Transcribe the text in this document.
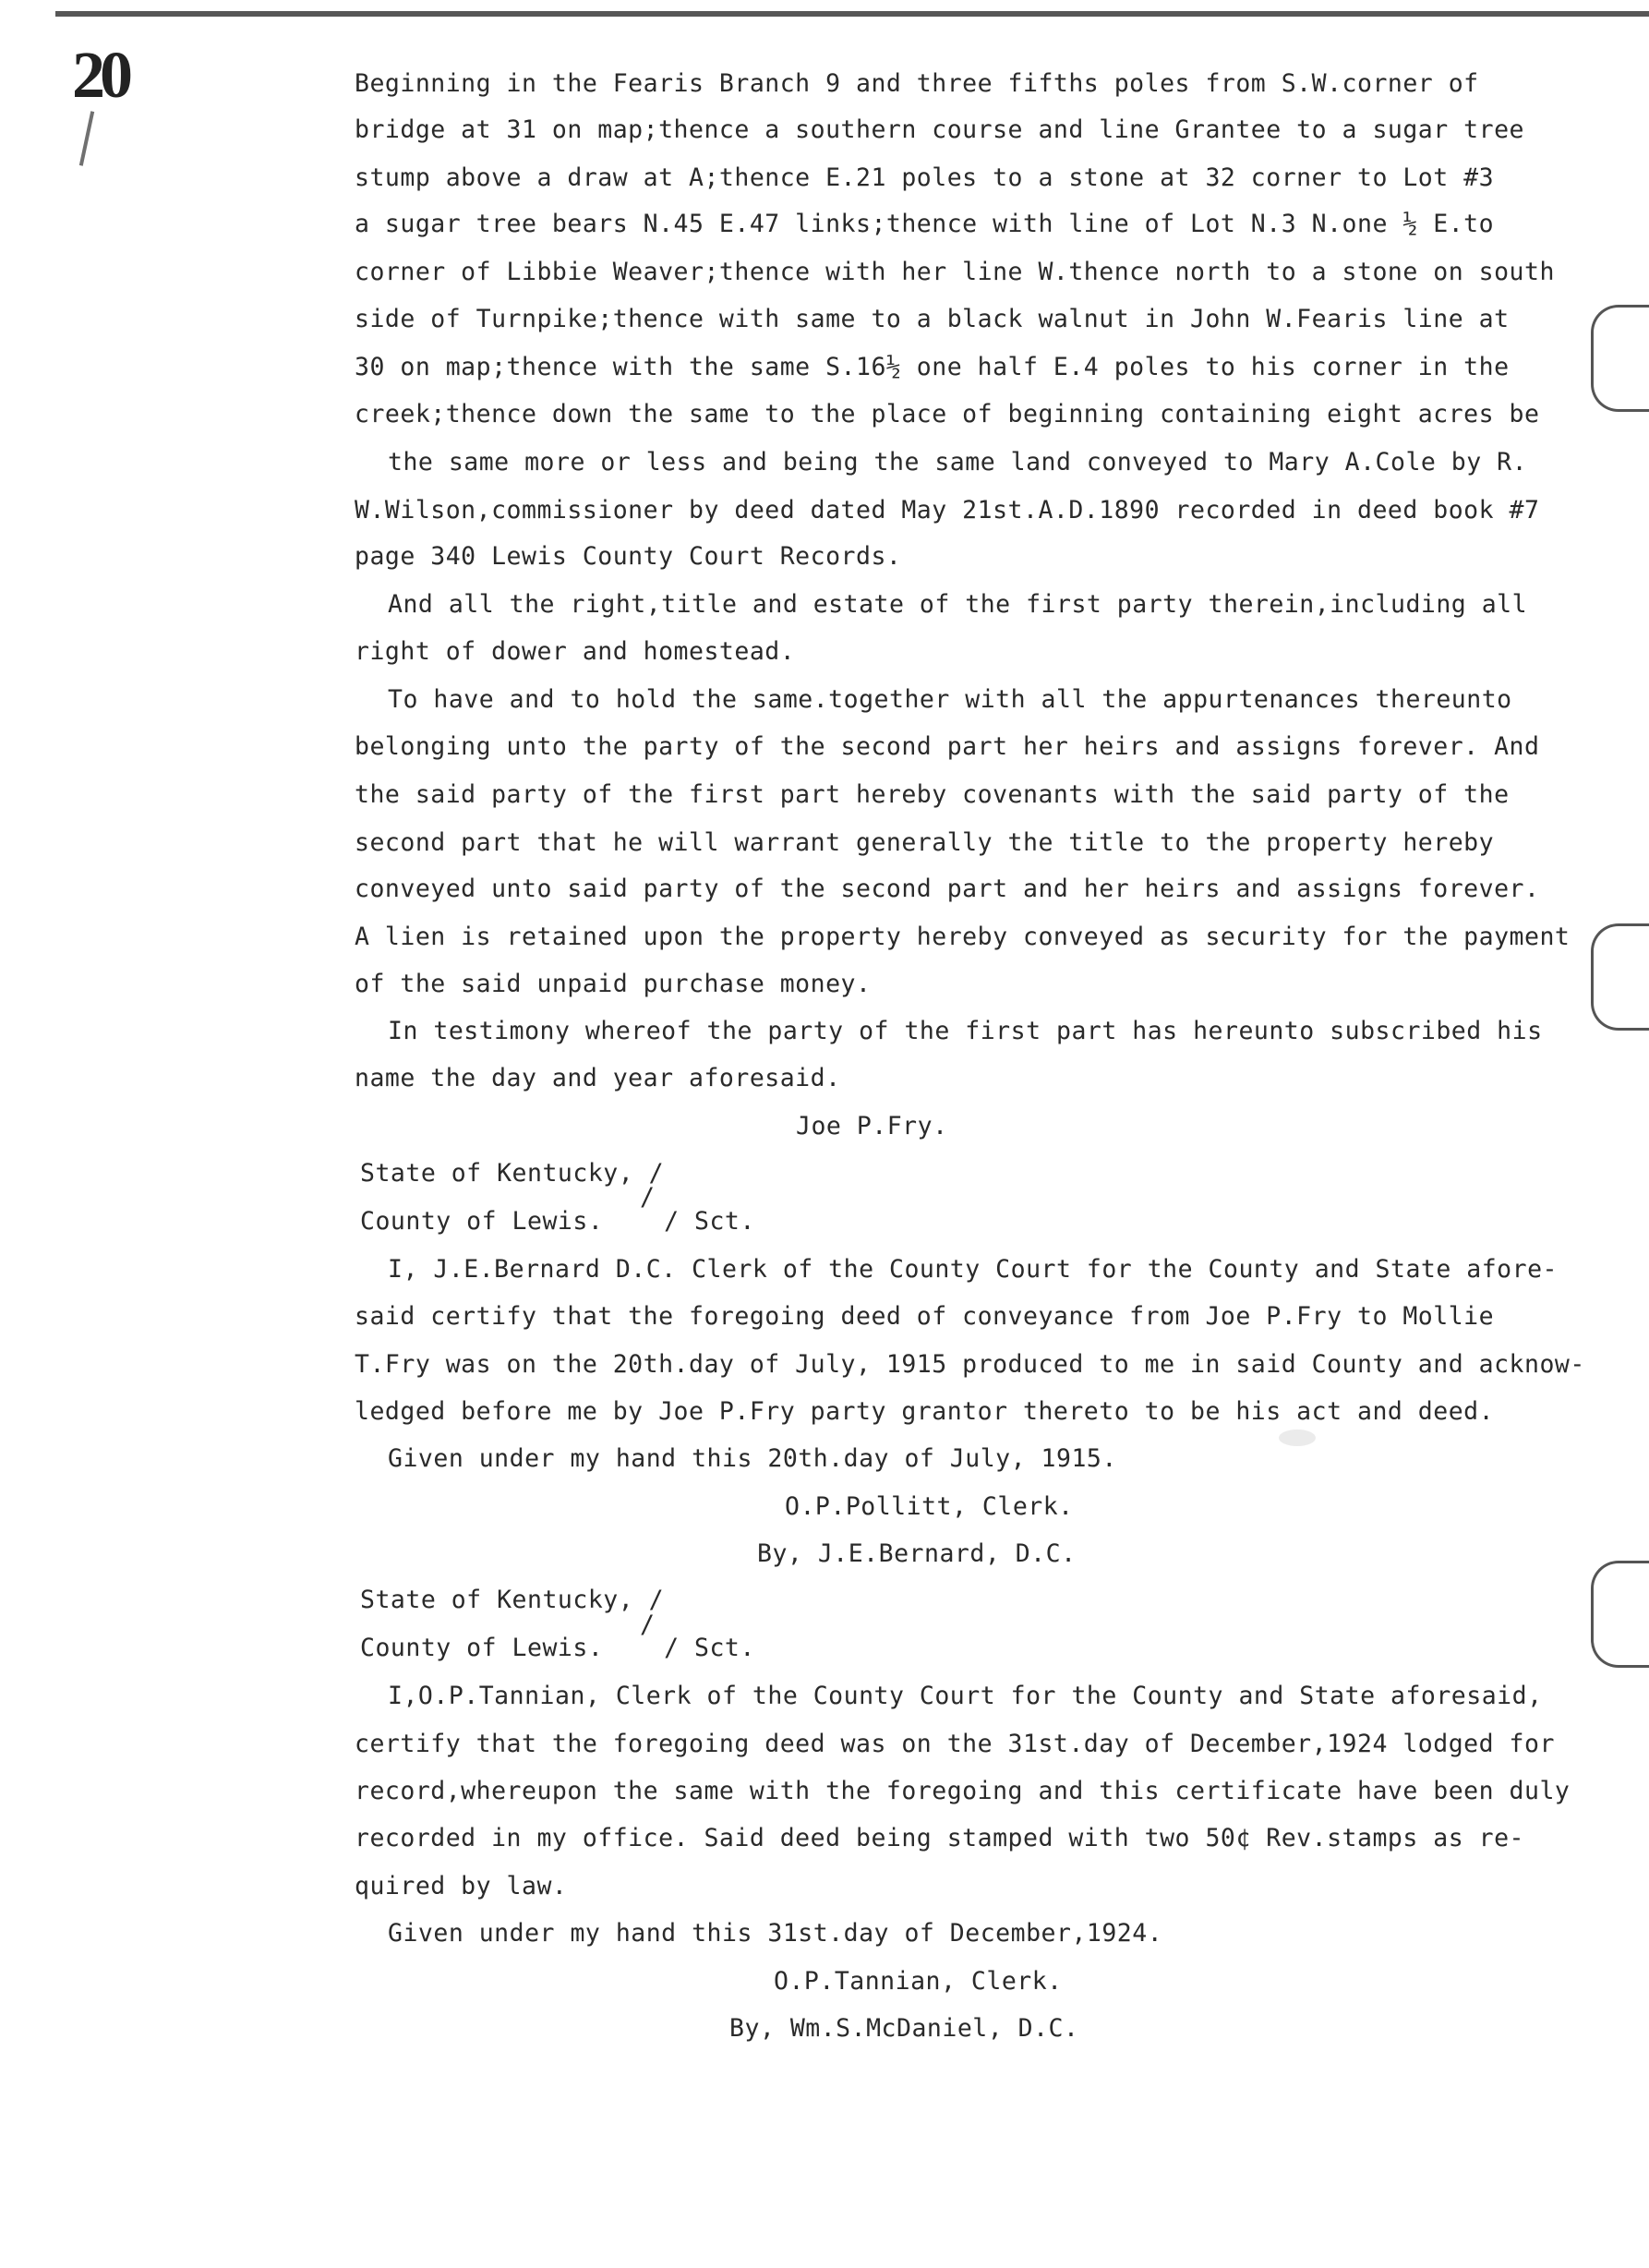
20	Beginning in the Fearis Branch 9 and three fifths poles from S.W.corner of
bridge at 31 on map;thence a southern course and line Grantee to a sugar tree
stump above a draw at A;thence E.21 poles to a stone at 32 corner to Lot #3
a sugar tree bears N.45 E.47 links;thence with line of Lot N.3 N.one ½ E.to
corner of Libbie Weaver;thence with her line W.thence north to a stone on south
side of Turnpike;thence with same to a black walnut in John W.Fearis line at
30 on map;thence with the same S.16½ one half E.4 poles to his corner in the
creek;thence down the same to the place of beginning containing eight acres be
the same more or less and being the same land conveyed to Mary A.Cole by R.
W.Wilson,commissioner by deed dated May 21st.A.D.1890 recorded in deed book #7
page 340 Lewis County Court Records.
And all the right,title and estate of the first party therein,including all
right of dower and homestead.
To have and to hold the same.together with all the appurtenances thereunto
belonging unto the party of the second part her heirs and assigns forever. And
the said party of the first part hereby covenants with the said party of the
second part that he will warrant generally the title to the property hereby
conveyed unto said party of the second part and her heirs and assigns forever.
A lien is retained upon the property hereby conveyed as security for the payment
of the said unpaid purchase money.
In testimony whereof the party of the first part has hereunto subscribed his
name the day and year aforesaid.
Joe P.Fry.
State of Kentucky, /
/
County of Lewis.    / Sct.
I, J.E.Bernard D.C. Clerk of the County Court for the County and State afore-
said certify that the foregoing deed of conveyance from Joe P.Fry to Mollie
T.Fry was on the 20th.day of July, 1915 produced to me in said County and acknow-
ledged before me by Joe P.Fry party grantor thereto to be his act and deed.
Given under my hand this 20th.day of July, 1915.
O.P.Pollitt, Clerk.
By, J.E.Bernard, D.C.
State of Kentucky, /
/
County of Lewis.    / Sct.
I,O.P.Tannian, Clerk of the County Court for the County and State aforesaid,
certify that the foregoing deed was on the 31st.day of December,1924 lodged for
record,whereupon the same with the foregoing and this certificate have been duly
recorded in my office. Said deed being stamped with two 50¢ Rev.stamps as re-
quired by law.
Given under my hand this 31st.day of December,1924.
O.P.Tannian, Clerk.
By, Wm.S.McDaniel, D.C.
